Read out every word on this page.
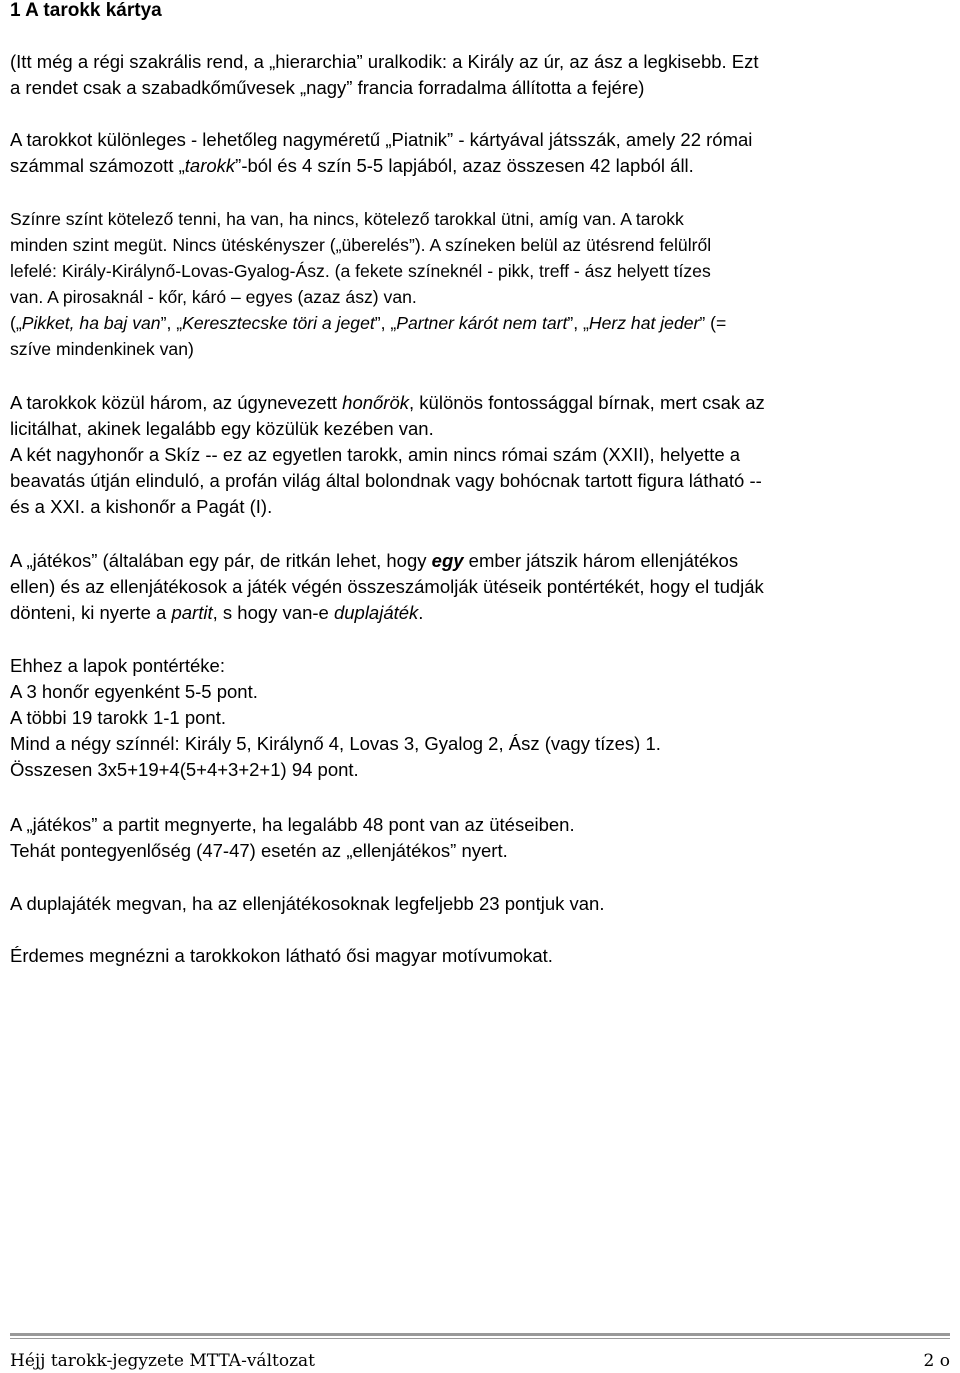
1 A tarokk kártya
(Itt még a régi szakrális rend, a „hierarchia” uralkodik: a Király az úr, az ász a legkisebb. Ezt
a rendet csak a szabadkőművesek „nagy” francia forradalma állította a fejére)
A tarokkot különleges - lehetőleg nagyméretű „Piatnik” - kártyával játsszák, amely 22 római
számmal számozott „tarokk”-ból és 4 szín 5-5 lapjából, azaz összesen 42 lapból áll.
Színre színt kötelező tenni, ha van, ha nincs, kötelező tarokkal ütni, amíg van. A tarokk
minden szint megüt. Nincs ütéskényszer („überelés”). A színeken belül az ütésrend felülről
lefelé: Király-Királynő-Lovas-Gyalog-Ász. (a fekete színeknél - pikk, treff - ász helyett tízes
van. A pirosaknál - kőr, káró – egyes (azaz ász) van.
(„Pikket, ha baj van”, „Keresztecske töri a jeget”, „Partner kárót nem tart”, „Herz hat jeder” (=
szíve mindenkinek van)
A tarokkok közül három, az úgynevezett honőrök, különös fontossággal bírnak, mert csak az
licitálhat, akinek legalább egy közülük kezében van.
A két nagyhonőr a Skíz -- ez az egyetlen tarokk, amin nincs római szám (XXII), helyette a
beavatás útján elinduló, a profán világ által bolondnak vagy bohócnak tartott figura látható --
és a XXI. a kishonőr a Pagát (I).
A „játékos” (általában egy pár, de ritkán lehet, hogy egy ember játszik három ellenjátékos
ellen) és az ellenjátékosok a játék végén összeszámolják ütéseik pontértékét, hogy el tudják
dönteni, ki nyerte a partit, s hogy van-e duplajáték.
Ehhez a lapok pontértéke:
A 3 honőr egyenként 5-5 pont.
A többi 19 tarokk 1-1 pont.
Mind a négy színnél: Király 5, Királynő 4, Lovas 3, Gyalog 2, Ász (vagy tízes) 1.
Összesen 3x5+19+4(5+4+3+2+1) 94 pont.
A „játékos” a partit megnyerte, ha legalább 48 pont van az ütéseiben.
Tehát pontegyenlőség (47-47) esetén az „ellenjátékos” nyert.
A duplajáték megvan, ha az ellenjátékosoknak legfeljebb 23 pontjuk van.
Érdemes megnézni a tarokkokon látható ősi magyar motívumokat.
Héjj tarokk-jegyzete MTTA-változat	2 o
